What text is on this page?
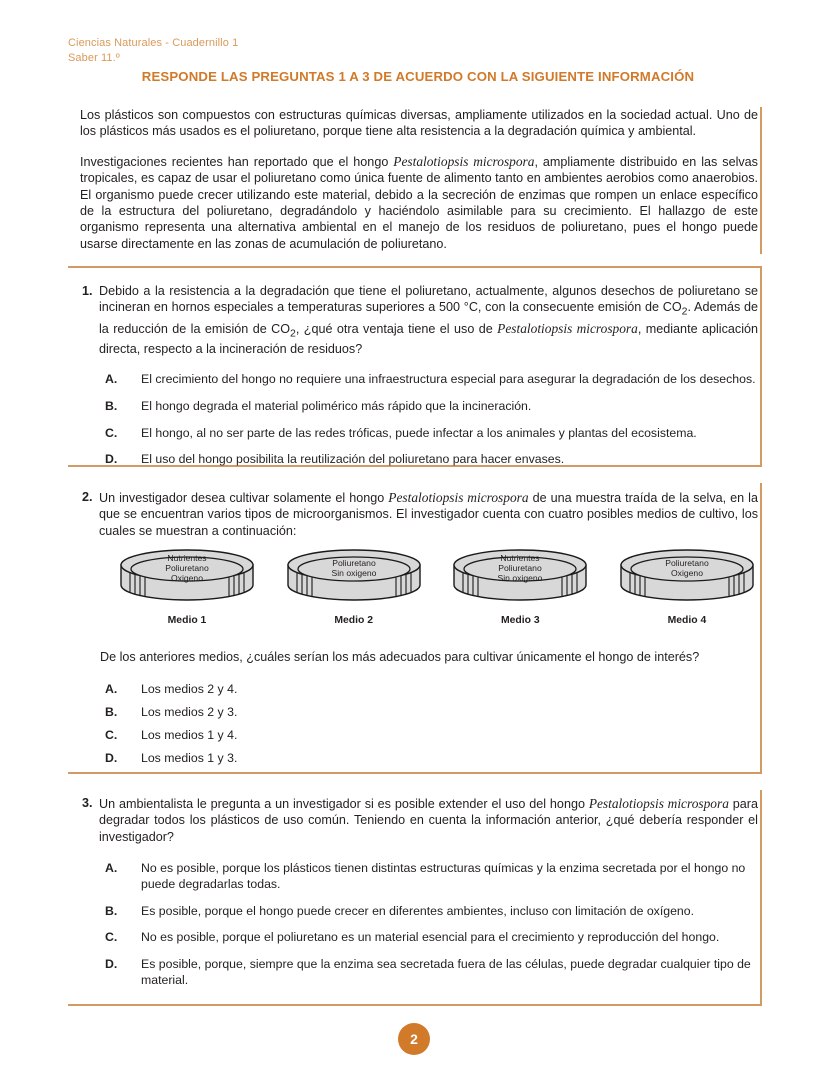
Ciencias Naturales - Cuadernillo 1
Saber 11.º
RESPONDE LAS PREGUNTAS 1 A 3 DE ACUERDO CON LA SIGUIENTE INFORMACIÓN

Los plásticos son compuestos con estructuras químicas diversas, ampliamente utilizados en la sociedad actual. Uno de los plásticos más usados es el poliuretano, porque tiene alta resistencia a la degradación química y ambiental.

Investigaciones recientes han reportado que el hongo Pestalotiopsis microspora, ampliamente distribuido en las selvas tropicales, es capaz de usar el poliuretano como única fuente de alimento tanto en ambientes aerobios como anaerobios. El organismo puede crecer utilizando este material, debido a la secreción de enzimas que rompen un enlace específico de la estructura del poliuretano, degradándolo y haciéndolo asimilable para su crecimiento. El hallazgo de este organismo representa una alternativa ambiental en el manejo de los residuos de poliuretano, pues el hongo puede usarse directamente en las zonas de acumulación de poliuretano.

1. Debido a la resistencia a la degradación que tiene el poliuretano, actualmente, algunos desechos de poliuretano se incineran en hornos especiales a temperaturas superiores a 500 °C, con la consecuente emisión de $CO_2$. Además de la reducción de la emisión de $CO_2$, ¿qué otra ventaja tiene el uso de Pestalotiopsis microspora, mediante aplicación directa, respecto a la incineración de residuos?
A.	El crecimiento del hongo no requiere una infraestructura especial para asegurar la degradación de los desechos.
B.	El hongo degrada el material polimérico más rápido que la incineración.
C.	El hongo, al no ser parte de las redes tróficas, puede infectar a los animales y plantas del ecosistema.
D.	El uso del hongo posibilita la reutilización del poliuretano para hacer envases.
2. Un investigador desea cultivar solamente el hongo Pestalotiopsis microspora de una muestra traída de la selva, en la que se encuentran varios tipos de microorganismos. El investigador cuenta con cuatro posibles medios de cultivo, los cuales se muestran a continuación:
Nutrientes
Poliuretano
Oxigeno
Medio 1
Poliuretano
Sin oxigeno
Medio 2
Nutrientes
Poliuretano
Sin oxigeno
Medio 3
Poliuretano
Oxigeno
Medio 4
De los anteriores medios, ¿cuáles serían los más adecuados para cultivar únicamente el hongo de interés?
A.	Los medios 2 y 4.
B.	Los medios 2 y 3.
C.	Los medios 1 y 4.
D.	Los medios 1 y 3.
3. Un ambientalista le pregunta a un investigador si es posible extender el uso del hongo Pestalotiopsis microspora para degradar todos los plásticos de uso común. Teniendo en cuenta la información anterior, ¿qué debería responder el investigador?
A.	No es posible, porque los plásticos tienen distintas estructuras químicas y la enzima secretada por el hongo no puede degradarlas todas.
B.	Es posible, porque el hongo puede crecer en diferentes ambientes, incluso con limitación de oxígeno.
C.	No es posible, porque el poliuretano es un material esencial para el crecimiento y reproducción del hongo.
D.	Es posible, porque, siempre que la enzima sea secretada fuera de las células, puede degradar cualquier tipo de material.
2
